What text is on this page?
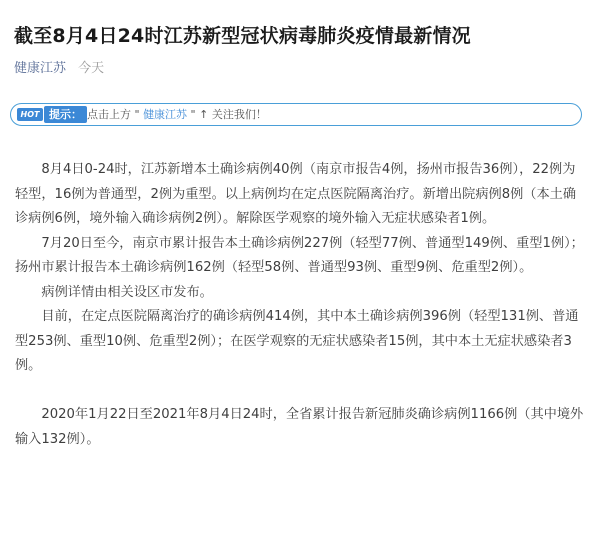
截至8月4日24时江苏新型冠状病毒肺炎疫情最新情况
健康江苏 今天
HOT 提示： 点击上方 " 健康江苏 " ↑ 关注我们！

8月4日0-24时，江苏新增本土确诊病例40例（南京市报告4例，扬州市报告36例），22例为轻型，16例为普通型，2例为重型。以上病例均在定点医院隔离治疗。新增出院病例8例（本土确诊病例6例，境外输入确诊病例2例）。解除医学观察的境外输入无症状感染者1例。

7月20日至今，南京市累计报告本土确诊病例227例（轻型77例、普通型149例、重型1例）；扬州市累计报告本土确诊病例162例（轻型58例、普通型93例、重型9例、危重型2例）。

病例详情由相关设区市发布。

目前，在定点医院隔离治疗的确诊病例414例，其中本土确诊病例396例（轻型131例、普通型253例、重型10例、危重型2例）；在医学观察的无症状感染者15例，其中本土无症状感染者3例。

2020年1月22日至2021年8月4日24时，全省累计报告新冠肺炎确诊病例1166例（其中境外输入132例）。
